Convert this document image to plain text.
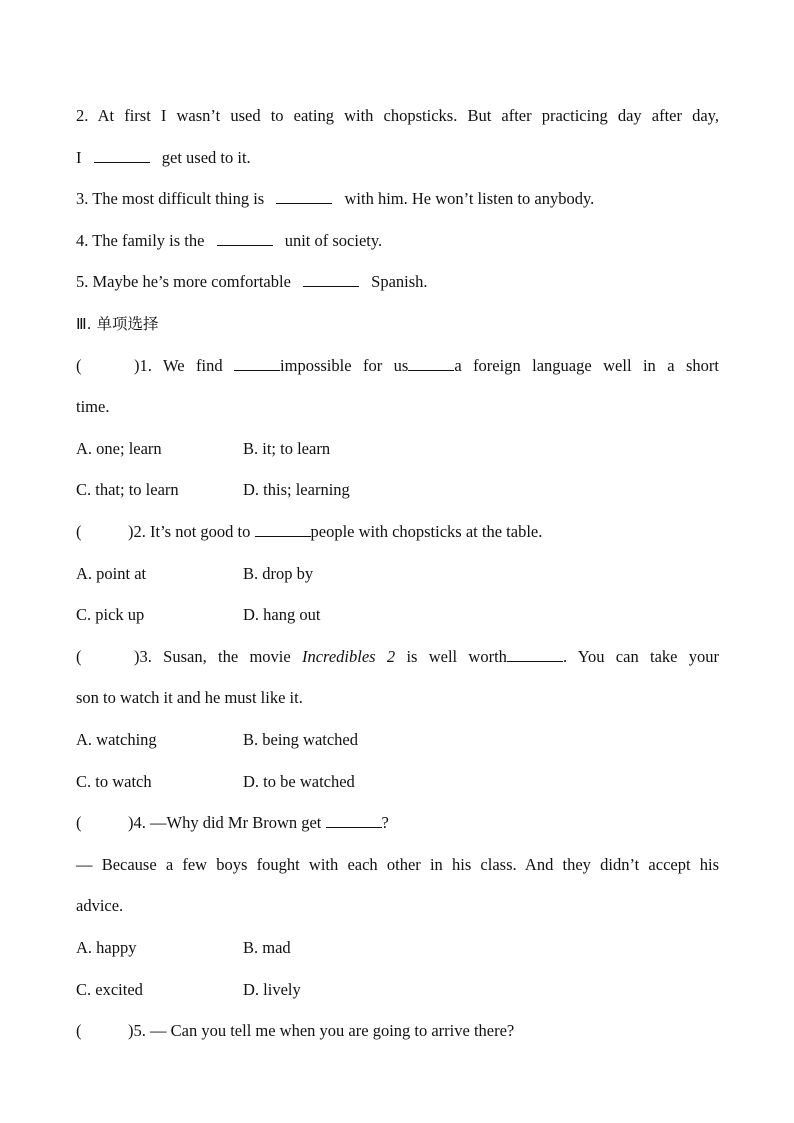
2. At first I wasn’t used to eating with chopsticks. But after practicing day after day,

I	get used to it.

3. The most difficult thing is	with him. He won’t listen to anybody.

4. The family is the	unit of society.

5. Maybe he’s more comfortable	Spanish.

Ⅲ. 单项选择

(	)1. We find	impossible for us	a foreign language well in a short

time.

A. one; learn	B. it; to learn

C. that; to learn	D. this; learning

(	)2. It’s not good to	people with chopsticks at the table.

A. point at	B. drop by

C. pick up	D. hang out

(	)3. Susan, the movie Incredibles 2 is well worth	. You can take your

son to watch it and he must like it.

A. watching	B. being watched

C. to watch	D. to be watched

(	)4. —Why did Mr Brown get	?

— Because a few boys fought with each other in his class. And they didn’t accept his

advice.

A. happy	B. mad

C. excited	D. lively

(	)5. — Can you tell me when you are going to arrive there?
